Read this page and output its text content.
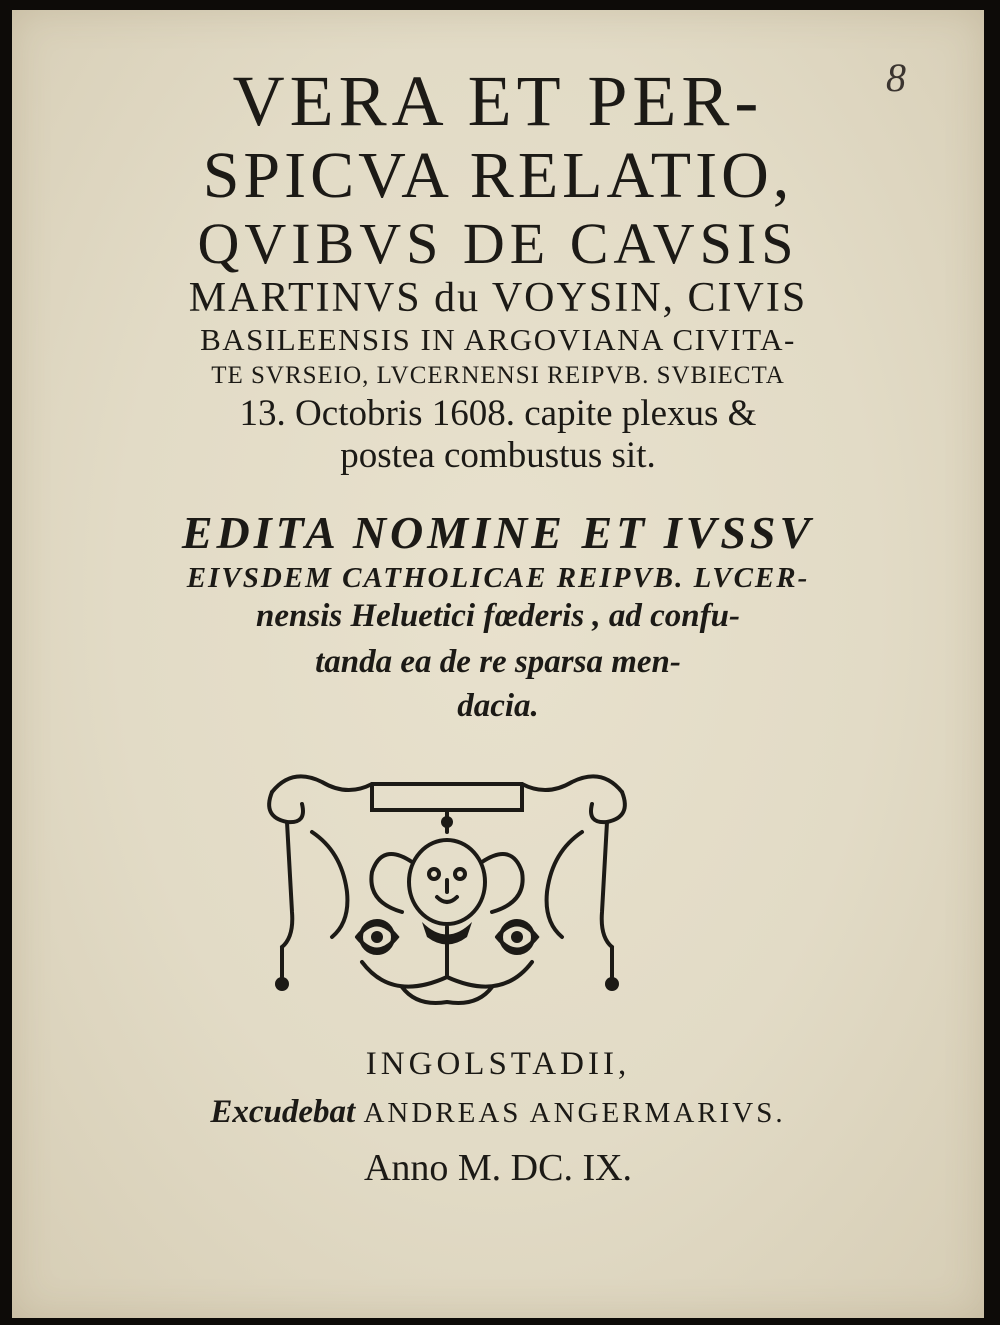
8
VERA ET PER-
SPICVA RELATIO,
QVIBVS DE CAVSIS
MARTINVS du VOYSIN, CIVIS
BASILEENSIS IN ARGOVIANA CIVITA-
TE SVRSEIO, LVCERNENSI REIPVB. SVBIECTA
13. Octobris 1608. capite plexus &
postea combustus sit.
EDITA NOMINE ET IVSSV
EIVSDEM CATHOLICAE REIPVB. LVCER-
nensis Heluetici fœderis , ad confu-
tanda ea de re sparsa men-
dacia.
INGOLSTADII,
Excudebat ANDREAS ANGERMARIVS.
Anno M. DC. IX.
